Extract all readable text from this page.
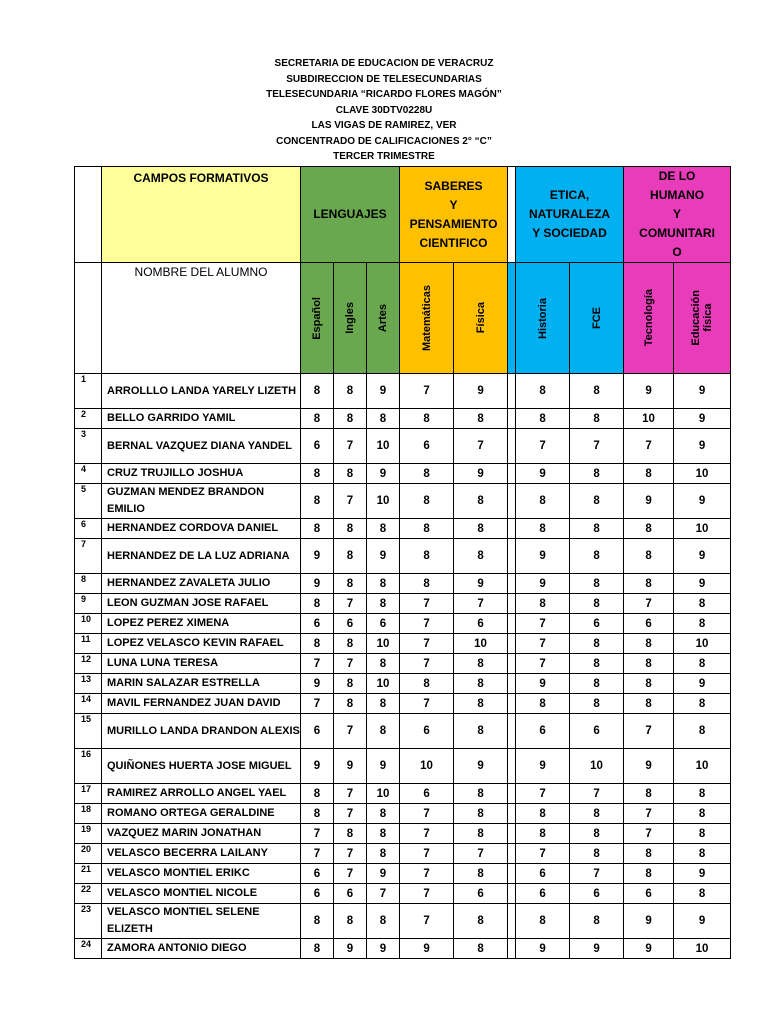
SECRETARIA DE EDUCACION DE VERACRUZ
SUBDIRECCION DE TELESECUNDARIAS
TELESECUNDARIA “RICARDO FLORES MAGÓN”
CLAVE 30DTV0228U
LAS VIGAS DE RAMIREZ, VER
CONCENTRADO DE CALIFICACIONES 2° “C”
TERCER TRIMESTRE
	CAMPOS FORMATIVOS	LENGUAJES			SABERES
Y
PENSAMIENTO
CIENTIFICO			ETICA,
NATURALEZA
Y SOCIEDAD		DE LO
HUMANO
Y
COMUNITARI
O	
	NOMBRE DEL ALUMNO	Español	Ingles	Artes	Matemáticas	Física		Historia	FCE	Tecnología	Educación
física

1	ARROLLLO LANDA YARELY LIZETH	8	8	9	7	9		8	8	9	9
2	BELLO GARRIDO YAMIL	8	8	8	8	8		8	8	10	9
3	BERNAL VAZQUEZ DIANA YANDEL	6	7	10	6	7		7	7	7	9
4	CRUZ TRUJILLO JOSHUA	8	8	9	8	9		9	8	8	10
5	GUZMAN MENDEZ BRANDON EMILIO	8	7	10	8	8		8	8	9	9
6	HERNANDEZ CORDOVA DANIEL	8	8	8	8	8		8	8	8	10
7	HERNANDEZ DE LA LUZ ADRIANA	9	8	9	8	8		9	8	8	9
8	HERNANDEZ ZAVALETA JULIO	9	8	8	8	9		9	8	8	9
9	LEON GUZMAN JOSE RAFAEL	8	7	8	7	7		8	8	7	8
10	LOPEZ PEREZ XIMENA	6	6	6	7	6		7	6	6	8
11	LOPEZ VELASCO KEVIN RAFAEL	8	8	10	7	10		7	8	8	10
12	LUNA LUNA TERESA	7	7	8	7	8		7	8	8	8
13	MARIN SALAZAR ESTRELLA	9	8	10	8	8		9	8	8	9
14	MAVIL FERNANDEZ JUAN DAVID	7	8	8	7	8		8	8	8	8
15	MURILLO LANDA DRANDON ALEXIS	6	7	8	6	8		6	6	7	8
16	QUIÑONES HUERTA JOSE MIGUEL	9	9	9	10	9		9	10	9	10
17	RAMIREZ ARROLLO ANGEL YAEL	8	7	10	6	8		7	7	8	8
18	ROMANO ORTEGA GERALDINE	8	7	8	7	8		8	8	7	8
19	VAZQUEZ MARIN JONATHAN	7	8	8	7	8		8	8	7	8
20	VELASCO BECERRA LAILANY	7	7	8	7	7		7	8	8	8
21	VELASCO MONTIEL ERIKC	6	7	9	7	8		6	7	8	9
22	VELASCO MONTIEL NICOLE	6	6	7	7	6		6	6	6	8
23	VELASCO MONTIEL SELENE ELIZETH	8	8	8	7	8		8	8	9	9
24	ZAMORA ANTONIO DIEGO	8	9	9	9	8		9	9	9	10
